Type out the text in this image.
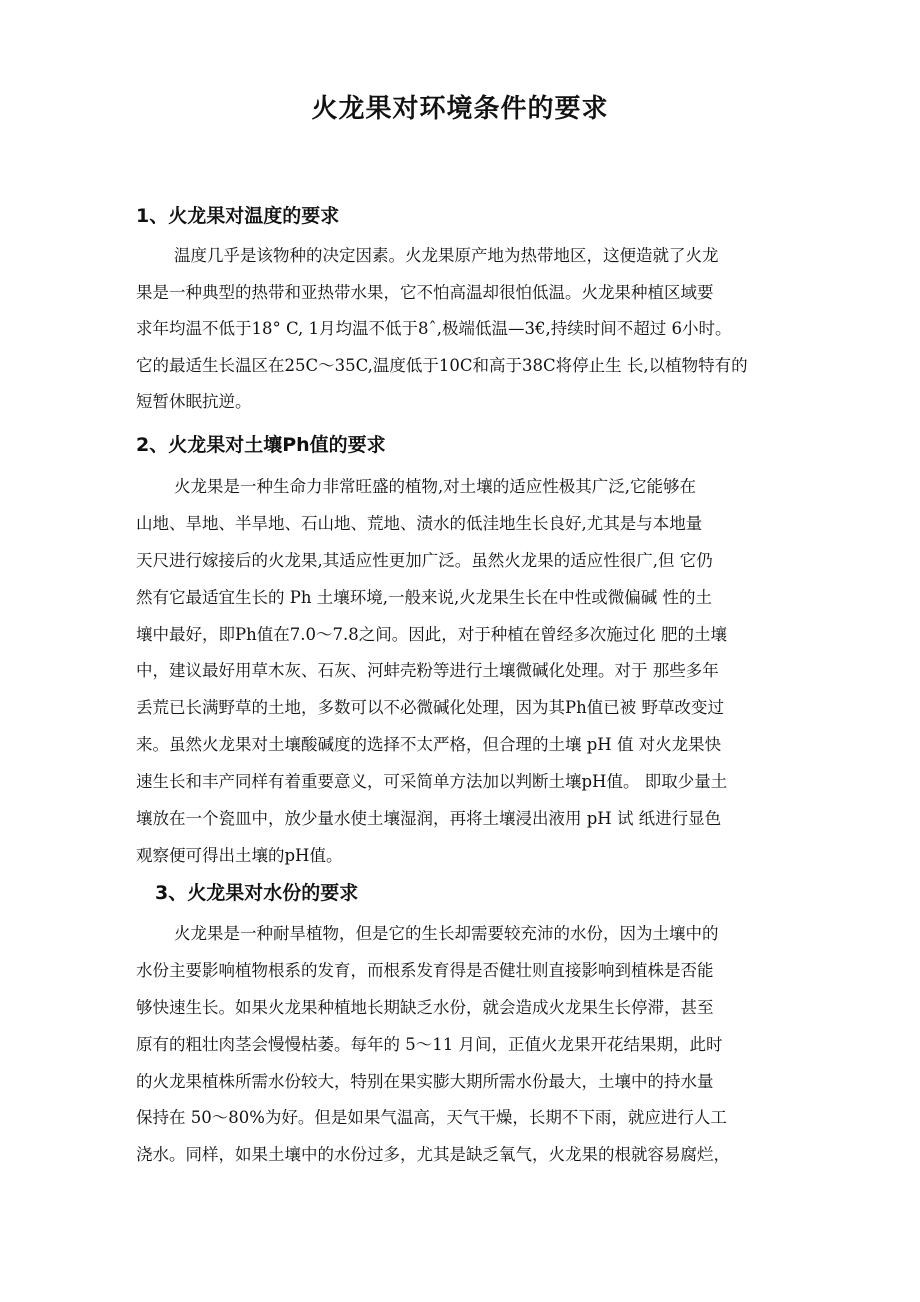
火龙果对环境条件的要求
1、火龙果对温度的要求
温度几乎是该物种的决定因素。火龙果原产地为热带地区，这便造就了火龙
果是一种典型的热带和亚热带水果，它不怕高温却很怕低温。火龙果种植区域要
求年均温不低于18° C, 1月均温不低于8ˆ,极端低温—3€,持续时间不超过 6小时。
它的最适生长温区在25C～35C,温度低于10C和高于38C将停止生 长,以植物特有的
短暂休眠抗逆。
2、火龙果对土壤Ph值的要求
火龙果是一种生命力非常旺盛的植物,对土壤的适应性极其广泛,它能够在
山地、旱地、半旱地、石山地、荒地、渍水的低洼地生长良好,尤其是与本地量
天尺进行嫁接后的火龙果,其适应性更加广泛。虽然火龙果的适应性很广,但 它仍
然有它最适宜生长的 Ph 土壤环境,一般来说,火龙果生长在中性或微偏碱 性的土
壤中最好，即Ph值在7.0～7.8之间。因此，对于种植在曾经多次施过化 肥的土壤
中，建议最好用草木灰、石灰、河蚌壳粉等进行土壤微碱化处理。对于 那些多年
丢荒已长满野草的土地，多数可以不必微碱化处理，因为其Ph值已被 野草改变过
来。虽然火龙果对土壤酸碱度的选择不太严格，但合理的土壤 pH 值 对火龙果快
速生长和丰产同样有着重要意义，可采简单方法加以判断土壤pH值。 即取少量土
壤放在一个瓷皿中，放少量水使土壤湿润，再将土壤浸出液用 pH 试 纸进行显色
观察便可得出土壤的pH值。
3、火龙果对水份的要求
火龙果是一种耐旱植物，但是它的生长却需要较充沛的水份，因为土壤中的
水份主要影响植物根系的发育，而根系发育得是否健壮则直接影响到植株是否能
够快速生长。如果火龙果种植地长期缺乏水份，就会造成火龙果生长停滞，甚至
原有的粗壮肉茎会慢慢枯萎。每年的 5～11 月间，正值火龙果开花结果期，此时
的火龙果植株所需水份较大，特别在果实膨大期所需水份最大，土壤中的持水量
保持在 50～80%为好。但是如果气温高，天气干燥，长期不下雨，就应进行人工
浇水。同样，如果土壤中的水份过多，尤其是缺乏氧气，火龙果的根就容易腐烂，
